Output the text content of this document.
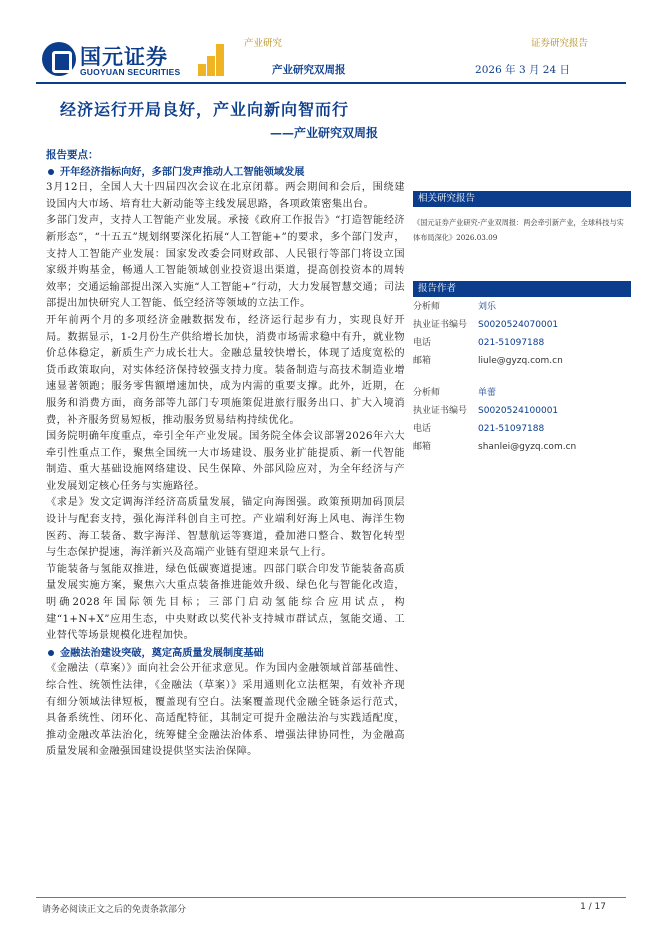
国元证券
GUOYUAN SECURITIES
产业研究	证券研究报告
产业研究双周报	2026 年 3 月 24 日
经济运行开局良好，产业向新向智而行
——产业研究双周报
报告要点：
开年经济指标向好，多部门发声推动人工智能领域发展

3月12日，全国人大十四届四次会议在北京闭幕。两会期间和会后，围绕建设国内大市场、培育壮大新动能等主线发展思路，各项政策密集出台。

多部门发声，支持人工智能产业发展。承接《政府工作报告》“打造智能经济新形态”，“十五五”规划纲要深化拓展“人工智能+”的要求，多个部门发声，支持人工智能产业发展：国家发改委会同财政部、人民银行等部门将设立国家级并购基金，畅通人工智能领域创业投资退出渠道，提高创投资本的周转效率；交通运输部提出深入实施“人工智能+”行动，大力发展智慧交通；司法部提出加快研究人工智能、低空经济等领域的立法工作。

开年前两个月的多项经济金融数据发布，经济运行起步有力，实现良好开局。数据显示，1-2月份生产供给增长加快，消费市场需求稳中有升，就业物价总体稳定，新质生产力成长壮大。金融总量较快增长，体现了适度宽松的货币政策取向，对实体经济保持较强支持力度。装备制造与高技术制造业增速显著领跑；服务零售额增速加快，成为内需的重要支撑。此外，近期，在服务和消费方面，商务部等九部门专项施策促进旅行服务出口、扩大入境消费，补齐服务贸易短板，推动服务贸易结构持续优化。

国务院明确年度重点，牵引全年产业发展。国务院全体会议部署2026年六大牵引性重点工作，聚焦全国统一大市场建设、服务业扩能提质、新一代智能制造、重大基础设施网络建设、民生保障、外部风险应对，为全年经济与产业发展划定核心任务与实施路径。

《求是》发文定调海洋经济高质量发展，锚定向海图强。政策预期加码顶层设计与配套支持，强化海洋科创自主可控。产业端利好海上风电、海洋生物医药、海工装备、数字海洋、智慧航运等赛道，叠加港口整合、数智化转型与生态保护提速，海洋新兴及高端产业链有望迎来景气上行。

节能装备与氢能双推进，绿色低碳赛道提速。四部门联合印发节能装备高质量发展实施方案，聚焦六大重点装备推进能效升级、绿色化与智能化改造，明确2028年国际领先目标；三部门启动氢能综合应用试点，构建“1+N+X”应用生态，中央财政以奖代补支持城市群试点，氢能交通、工业替代等场景规模化进程加快。

金融法治建设突破，奠定高质量发展制度基础

《金融法（草案）》面向社会公开征求意见。作为国内金融领域首部基础性、综合性、统领性法律，《金融法（草案）》采用通则化立法框架，有效补齐现有细分领域法律短板，覆盖现有空白。法案覆盖现代金融全链条运行范式，具备系统性、闭环化、高适配特征，其制定可提升金融法治与实践适配度，推动金融改革法治化，统筹健全金融法治体系、增强法律协同性，为金融高质量发展和金融强国建设提供坚实法治保障。

相关研究报告
《国元证券产业研究-产业双周报：两会牵引新产业，全球科技与实体布局深化》2026.03.09
报告作者
分析师	刘乐
执业证书编号 S0020524070001
电话	021-51097188
邮箱	liule@gyzq.com.cn
分析师	单蕾
执业证书编号 S0020524100001
电话	021-51097188
邮箱	shanlei@gyzq.com.cn
请务必阅读正文之后的免责条款部分	1 / 17
